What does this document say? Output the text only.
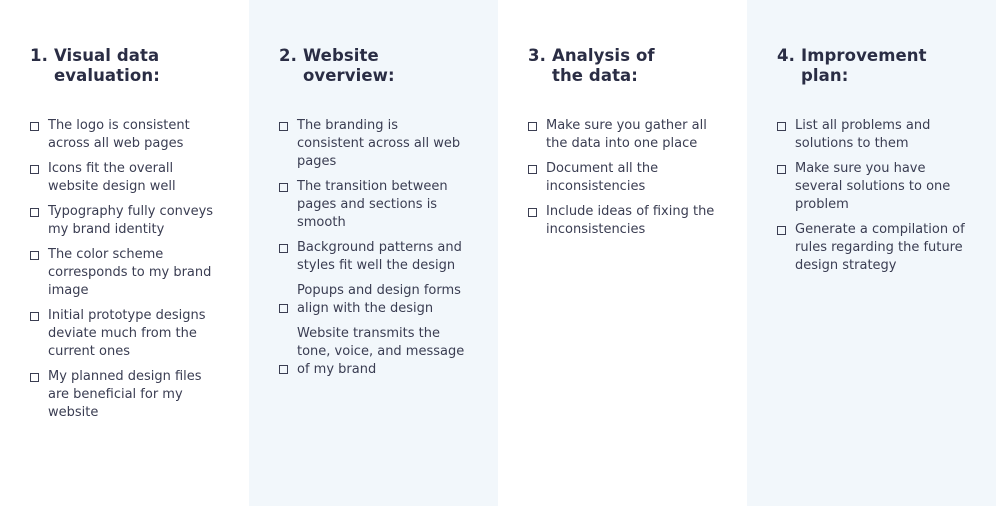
1. Visual data
evaluation:
The logo is consistent
across all web pages
Icons fit the overall
website design well
Typography fully conveys
my brand identity
The color scheme
corresponds to my brand
image
Initial prototype designs
deviate much from the
current ones
My planned design files
are beneficial for my
website
2. Website
overview:
The branding is
consistent across all web
pages
The transition between
pages and sections is
smooth
Background patterns and
styles fit well the design
Popups and design forms
align with the design
Website transmits the
tone, voice, and message
of my brand
3. Analysis of
the data:
Make sure you gather all
the data into one place
Document all the
inconsistencies
Include ideas of fixing the
inconsistencies
4. Improvement
plan:
List all problems and
solutions to them
Make sure you have
several solutions to one
problem
Generate a compilation of
rules regarding the future
design strategy
